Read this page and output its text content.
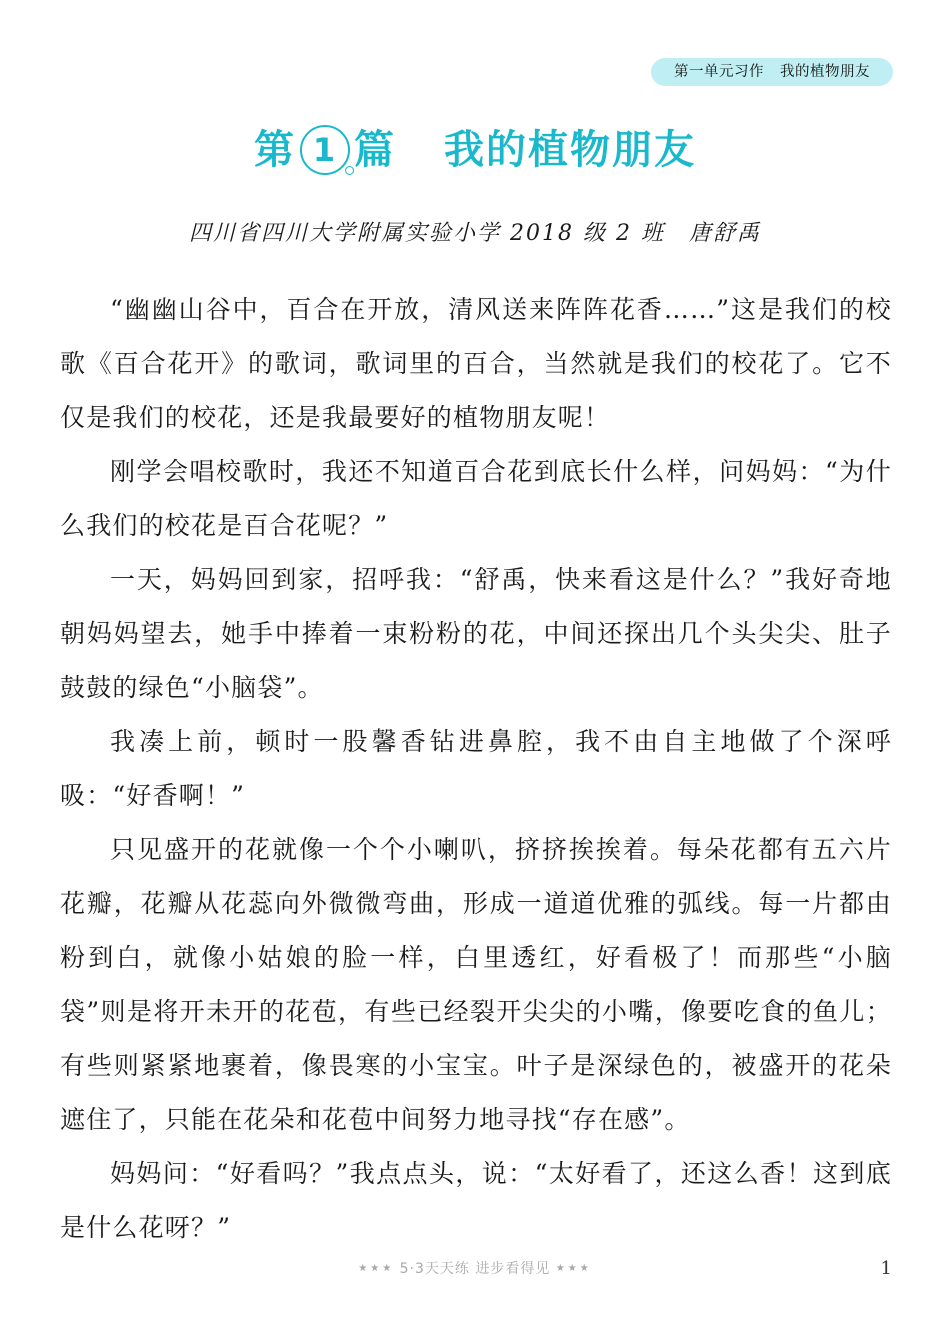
第一单元习作 我的植物朋友
第 1 篇 我的植物朋友
四川省四川大学附属实验小学 2018 级 2 班 唐舒禹

“幽幽山谷中，百合在开放，清风送来阵阵花香……”这是我们的校歌《百合花开》的歌词，歌词里的百合，当然就是我们的校花了。它不仅是我们的校花，还是我最要好的植物朋友呢！

刚学会唱校歌时，我还不知道百合花到底长什么样，问妈妈：“为什么我们的校花是百合花呢？”

一天，妈妈回到家，招呼我：“舒禹，快来看这是什么？”我好奇地朝妈妈望去，她手中捧着一束粉粉的花，中间还探出几个头尖尖、肚子鼓鼓的绿色“小脑袋”。

我凑上前，顿时一股馨香钻进鼻腔，我不由自主地做了个深呼吸：“好香啊！”

只见盛开的花就像一个个小喇叭，挤挤挨挨着。每朵花都有五六片花瓣，花瓣从花蕊向外微微弯曲，形成一道道优雅的弧线。每一片都由粉到白，就像小姑娘的脸一样，白里透红，好看极了！而那些“小脑袋”则是将开未开的花苞，有些已经裂开尖尖的小嘴，像要吃食的鱼儿；有些则紧紧地裹着，像畏寒的小宝宝。叶子是深绿色的，被盛开的花朵遮住了，只能在花朵和花苞中间努力地寻找“存在感”。

妈妈问：“好看吗？”我点点头，说：“太好看了，还这么香！这到底是什么花呀？”

★★★ 5·3天天练 进步看得见 ★★★	1
